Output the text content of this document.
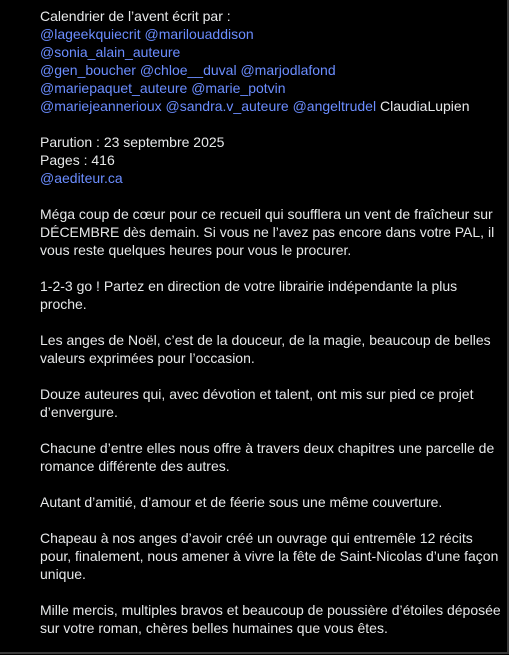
Calendrier de l’avent écrit par :

@lageekquiecrit @marilouaddison

@sonia_alain_auteure

@gen_boucher @chloe__duval @marjodlafond

@mariepaquet_auteure @marie_potvin

@mariejeannerioux @sandra.v_auteure @angeltrudel ClaudiaLupien

Parution : 23 septembre 2025

Pages : 416

@aediteur.ca

Méga coup de cœur pour ce recueil qui soufflera un vent de fraîcheur sur DÉCEMBRE dès demain. Si vous ne l’avez pas encore dans votre PAL, il vous reste quelques heures pour vous le procurer.

1-2-3 go ! Partez en direction de votre librairie indépendante la plus proche.

Les anges de Noël, c’est de la douceur, de la magie, beaucoup de belles valeurs exprimées pour l’occasion.

Douze auteures qui, avec dévotion et talent, ont mis sur pied ce projet d’envergure.

Chacune d’entre elles nous offre à travers deux chapitres une parcelle de romance différente des autres.

Autant d’amitié, d’amour et de féerie sous une même couverture.

Chapeau à nos anges d’avoir créé un ouvrage qui entremêle 12 récits pour, finalement, nous amener à vivre la fête de Saint-Nicolas d’une façon unique.

Mille mercis, multiples bravos et beaucoup de poussière d’étoiles déposée sur votre roman, chères belles humaines que vous êtes.
